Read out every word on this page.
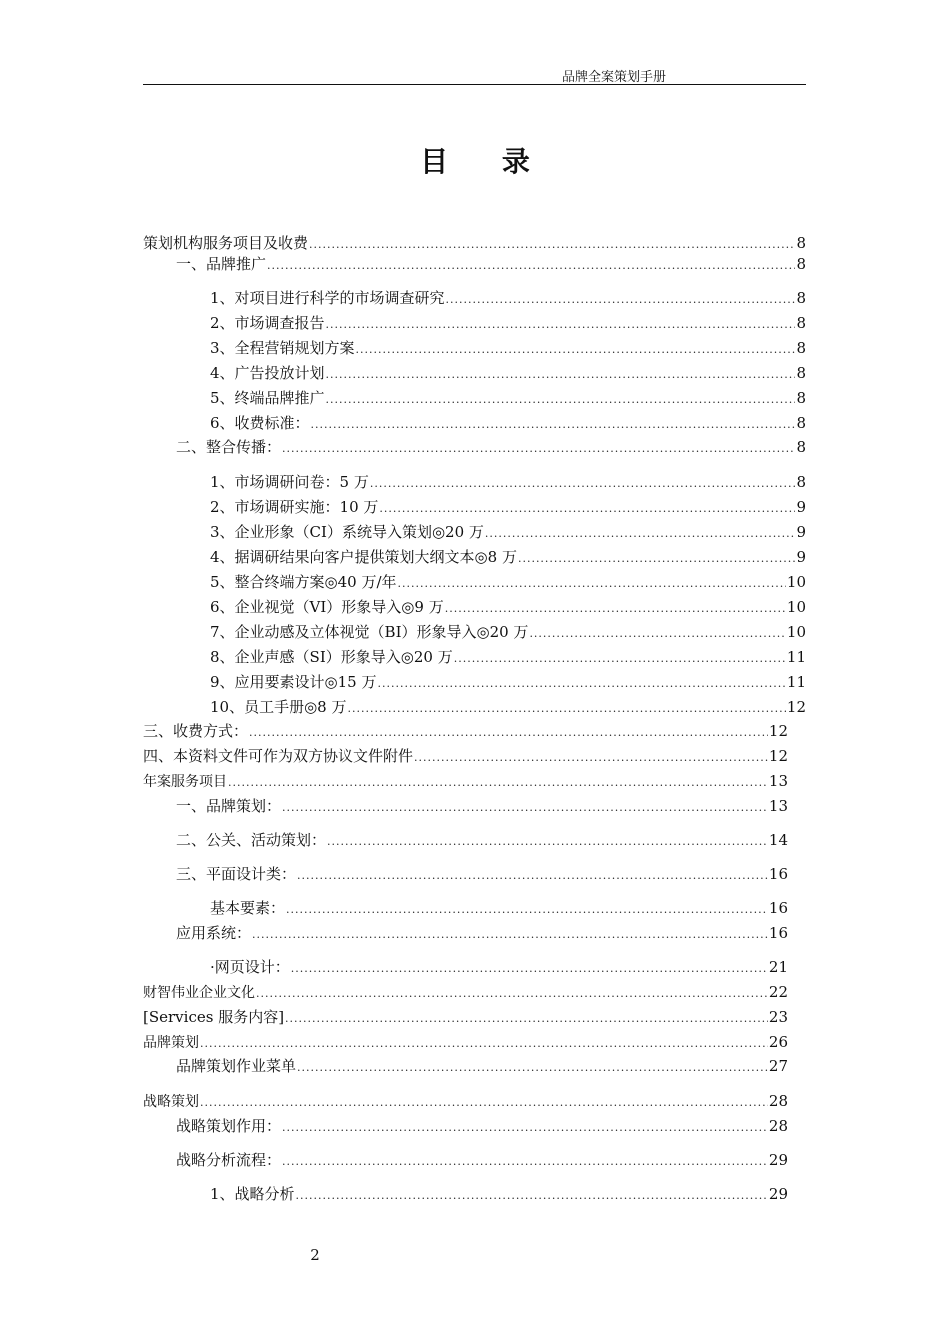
品牌全案策划手册
目 录
策划机构服务项目及收费 .....	8
一、品牌推广 .....	8
1、对项目进行科学的市场调查研究 .....	8
2、市场调查报告 .....	8
3、全程营销规划方案 .....	8
4、广告投放计划 .....	8
5、终端品牌推广 .....	8
6、收费标准： .....	8
二、整合传播： .....	8
1、市场调研问卷：5 万 .....	8
2、市场调研实施：10 万 .....	9
3、企业形象（CI）系统导入策划◎20 万 .....	9
4、据调研结果向客户提供策划大纲文本◎8 万 .....	9
5、整合终端方案◎40 万/年 .....	10
6、企业视觉（VI）形象导入◎9 万 .....	10
7、企业动感及立体视觉（BI）形象导入◎20 万 .....	10
8、企业声感（SI）形象导入◎20 万 .....	11
9、应用要素设计◎15 万 .....	11
10、员工手册◎8 万 .....	12
三、收费方式： .....	12
四、本资料文件可作为双方协议文件附件 .....	12
年案服务项目 .....	13
一、品牌策划： .....	13
二、公关、活动策划： .....	14
三、平面设计类： .....	16
基本要素： .....	16
应用系统： .....	16
·网页设计： .....	21
财智伟业企业文化 .....	22
[Services 服务内容] .....	23
品牌策划 .....	26
品牌策划作业菜单 .....	27
战略策划 .....	28
战略策划作用： .....	28
战略分析流程： .....	29
1、战略分析 .....	29
2
